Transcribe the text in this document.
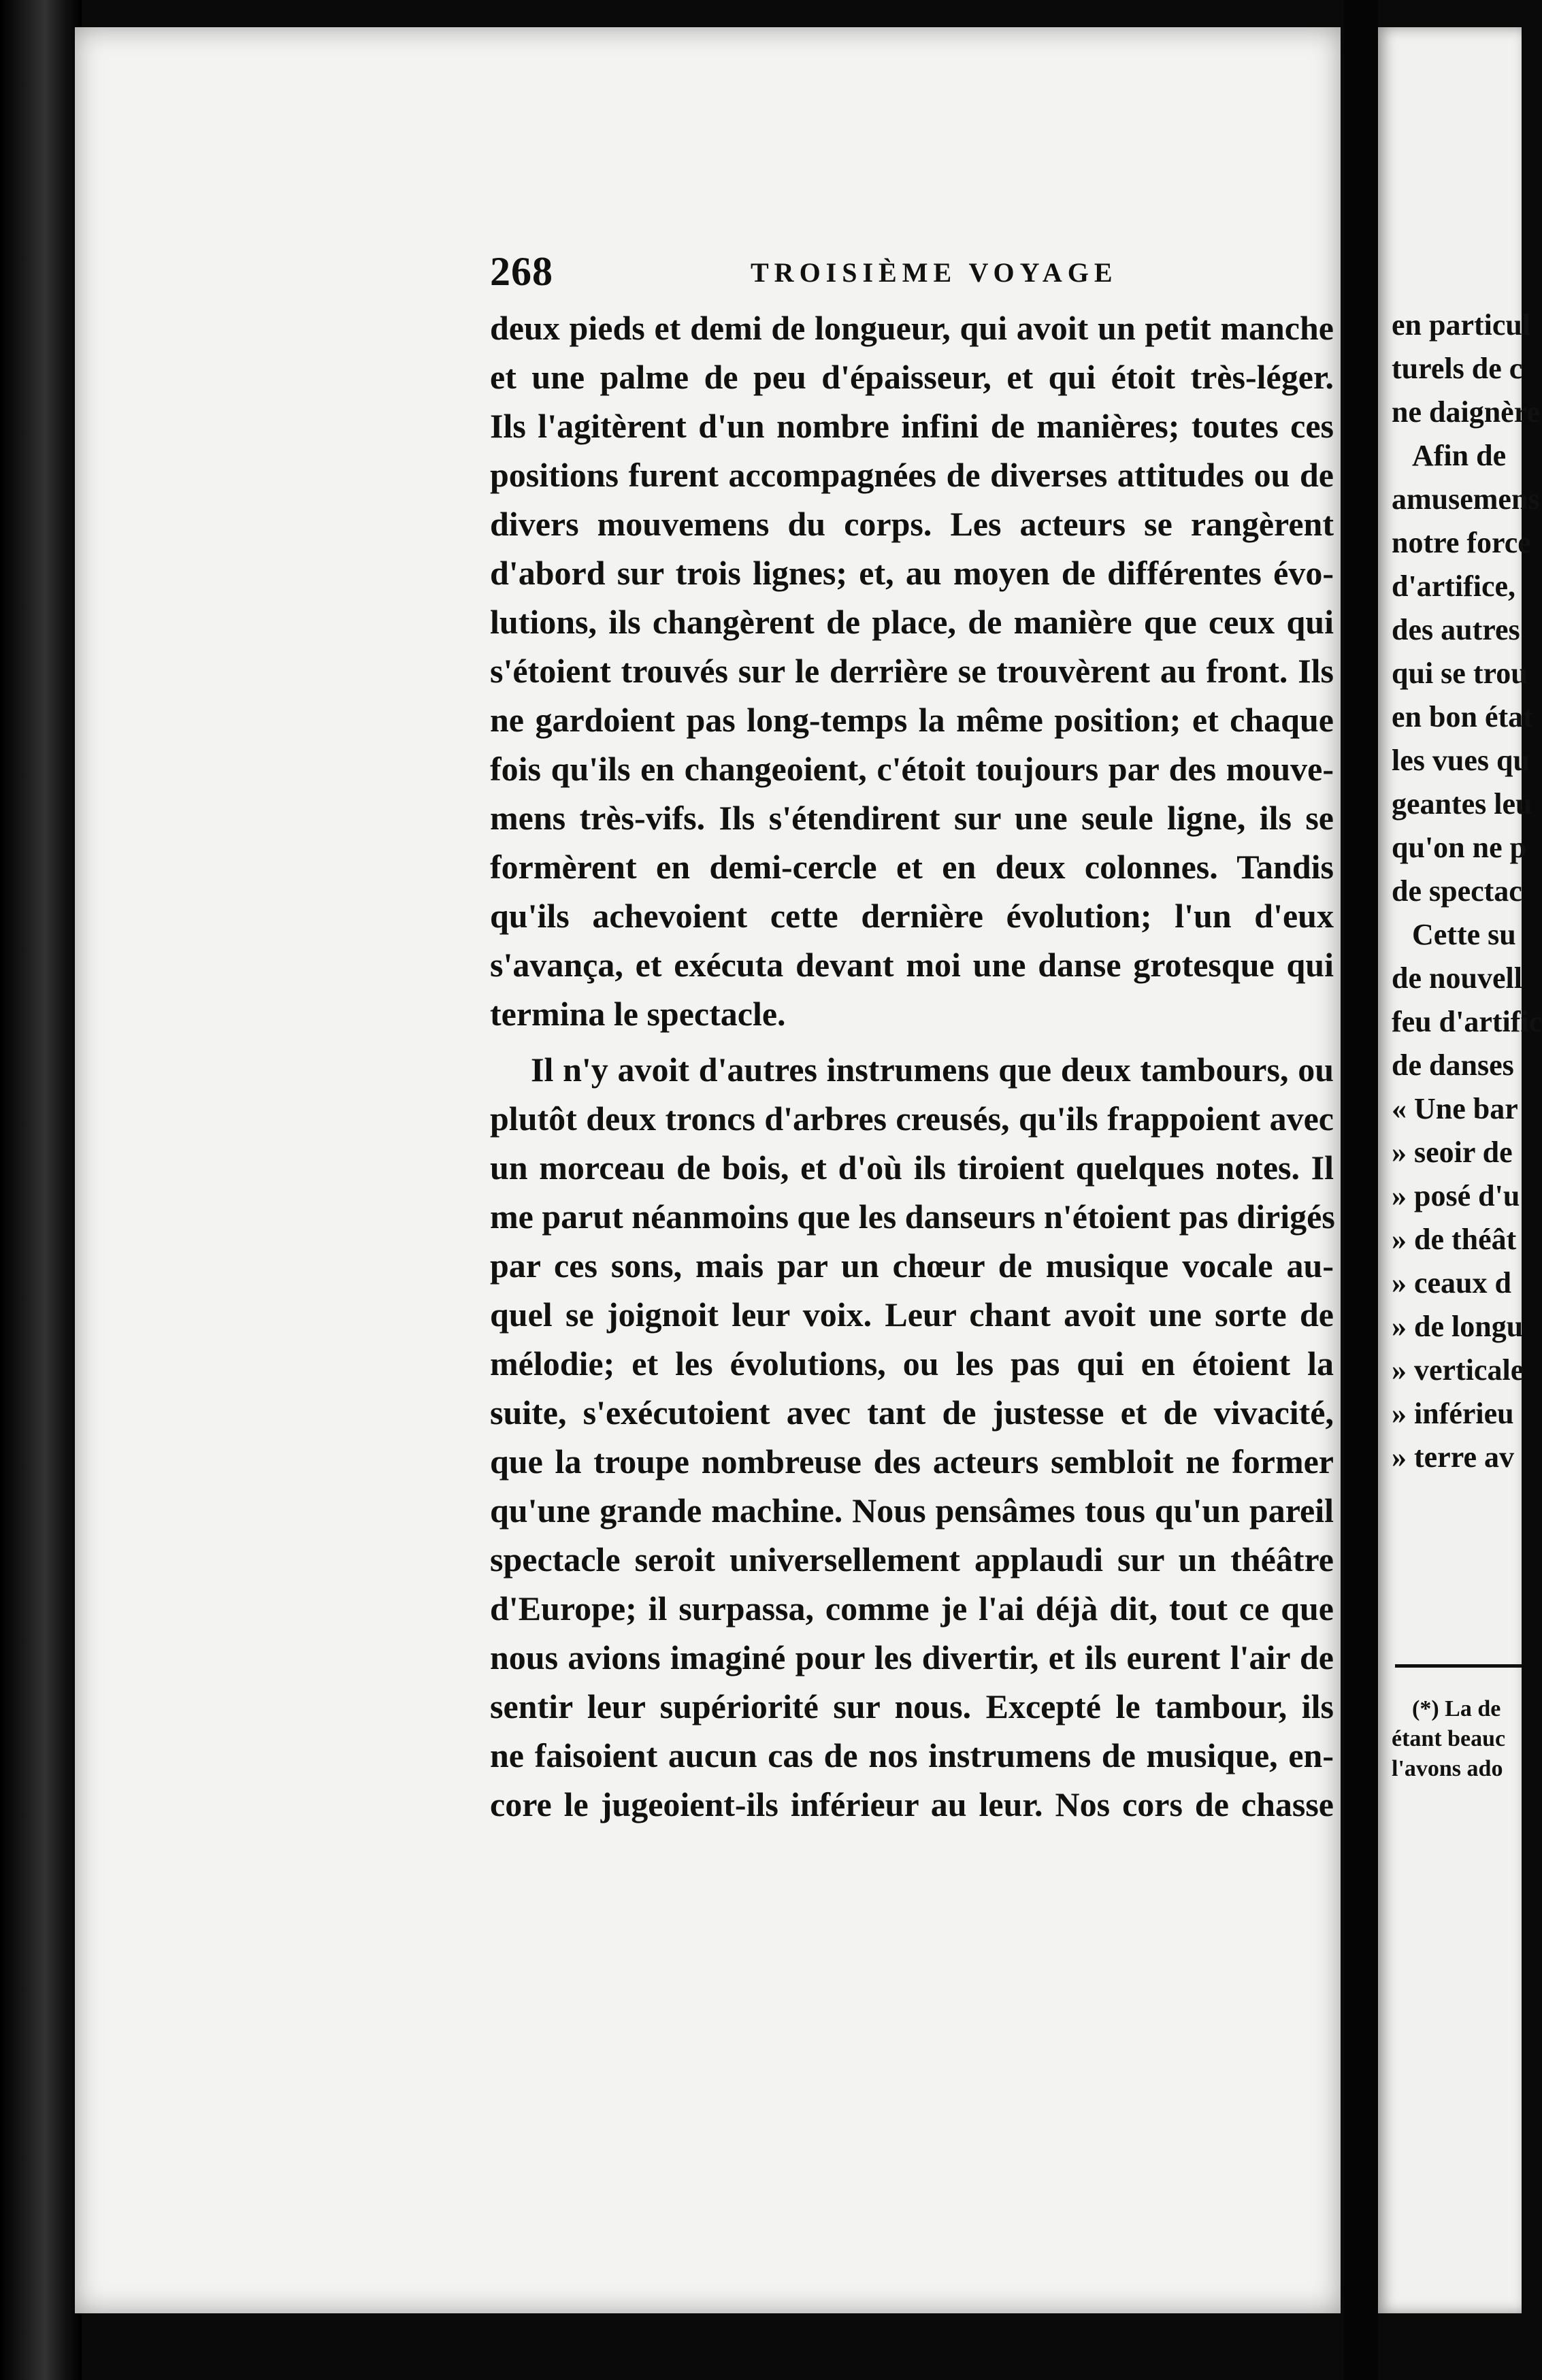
268	TROISIÈME VOYAGE
deux pieds et demi de longueur, qui avoit un petit manche
et une palme de peu d'épaisseur, et qui étoit très-léger.
Ils l'agitèrent d'un nombre infini de manières; toutes ces
positions furent accompagnées de diverses attitudes ou de
divers mouvemens du corps. Les acteurs se rangèrent
d'abord sur trois lignes; et, au moyen de différentes évo-
lutions, ils changèrent de place, de manière que ceux qui
s'étoient trouvés sur le derrière se trouvèrent au front. Ils
ne gardoient pas long-temps la même position; et chaque
fois qu'ils en changeoient, c'étoit toujours par des mouve-
mens très-vifs. Ils s'étendirent sur une seule ligne, ils se
formèrent en demi-cercle et en deux colonnes. Tandis
qu'ils achevoient cette dernière évolution; l'un d'eux
s'avança, et exécuta devant moi une danse grotesque qui
termina le spectacle.
Il n'y avoit d'autres instrumens que deux tambours, ou
plutôt deux troncs d'arbres creusés, qu'ils frappoient avec
un morceau de bois, et d'où ils tiroient quelques notes. Il
me parut néanmoins que les danseurs n'étoient pas dirigés
par ces sons, mais par un chœur de musique vocale au-
quel se joignoit leur voix. Leur chant avoit une sorte de
mélodie; et les évolutions, ou les pas qui en étoient la
suite, s'exécutoient avec tant de justesse et de vivacité,
que la troupe nombreuse des acteurs sembloit ne former
qu'une grande machine. Nous pensâmes tous qu'un pareil
spectacle seroit universellement applaudi sur un théâtre
d'Europe; il surpassa, comme je l'ai déjà dit, tout ce que
nous avions imaginé pour les divertir, et ils eurent l'air de
sentir leur supériorité sur nous. Excepté le tambour, ils
ne faisoient aucun cas de nos instrumens de musique, en-
core le jugeoient-ils inférieur au leur. Nos cors de chasse
en particul
turels de c
ne daignère
Afin de
amusemens
notre force
d'artifice,
des autres
qui se trou
en bon état
les vues qu
geantes leu
qu'on ne p
de spectac
Cette su
de nouvell
feu d'artific
de danses
« Une bar
» seoir de
» posé d'u
» de théât
» ceaux d
» de longu
» verticale
» inférieu
» terre av
(*) La de
étant beauc
l'avons ado
